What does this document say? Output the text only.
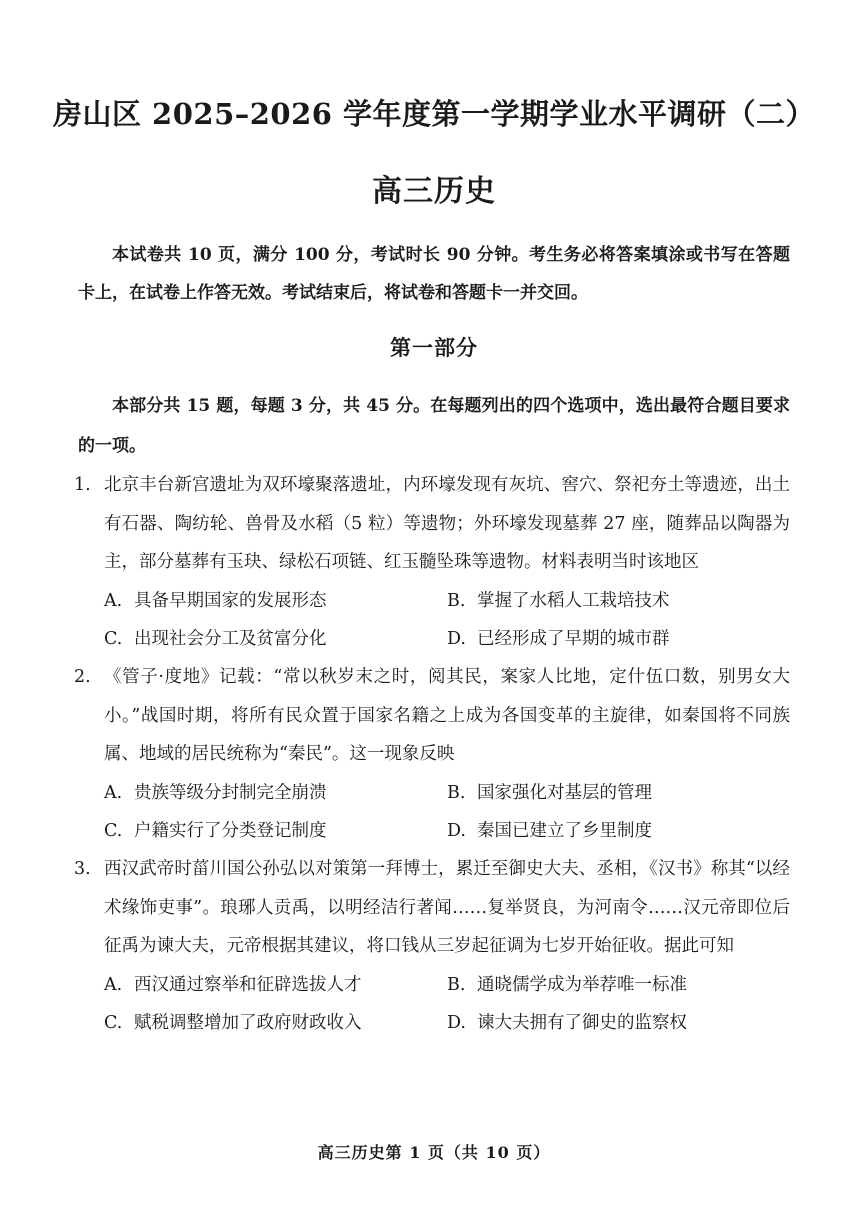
房山区 2025–2026 学年度第一学期学业水平调研（二）
高三历史
本试卷共 10 页，满分 100 分，考试时长 90 分钟。考生务必将答案填涂或书写在答题卡上，在试卷上作答无效。考试结束后，将试卷和答题卡一并交回。
第一部分
本部分共 15 题，每题 3 分，共 45 分。在每题列出的四个选项中，选出最符合题目要求的一项。
1. 北京丰台新宫遗址为双环壕聚落遗址，内环壕发现有灰坑、窖穴、祭祀夯土等遗迹，出土有石器、陶纺轮、兽骨及水稻（5 粒）等遗物；外环壕发现墓葬 27 座，随葬品以陶器为主，部分墓葬有玉玦、绿松石项链、红玉髓坠珠等遗物。材料表明当时该地区
A. 具备早期国家的发展形态	B. 掌握了水稻人工栽培技术
C. 出现社会分工及贫富分化	D. 已经形成了早期的城市群
2. 《管子·度地》记载：“常以秋岁末之时，阅其民，案家人比地，定什伍口数，别男女大小。”战国时期，将所有民众置于国家名籍之上成为各国变革的主旋律，如秦国将不同族属、地域的居民统称为“秦民”。这一现象反映
A. 贵族等级分封制完全崩溃	B. 国家强化对基层的管理
C. 户籍实行了分类登记制度	D. 秦国已建立了乡里制度
3. 西汉武帝时菑川国公孙弘以对策第一拜博士，累迁至御史大夫、丞相，《汉书》称其“以经术缘饰吏事”。琅琊人贡禹，以明经洁行著闻……复举贤良，为河南令……汉元帝即位后征禹为谏大夫，元帝根据其建议，将口钱从三岁起征调为七岁开始征收。据此可知
A. 西汉通过察举和征辟选拔人才	B. 通晓儒学成为举荐唯一标准
C. 赋税调整增加了政府财政收入	D. 谏大夫拥有了御史的监察权
高三历史第 1 页（共 10 页）
